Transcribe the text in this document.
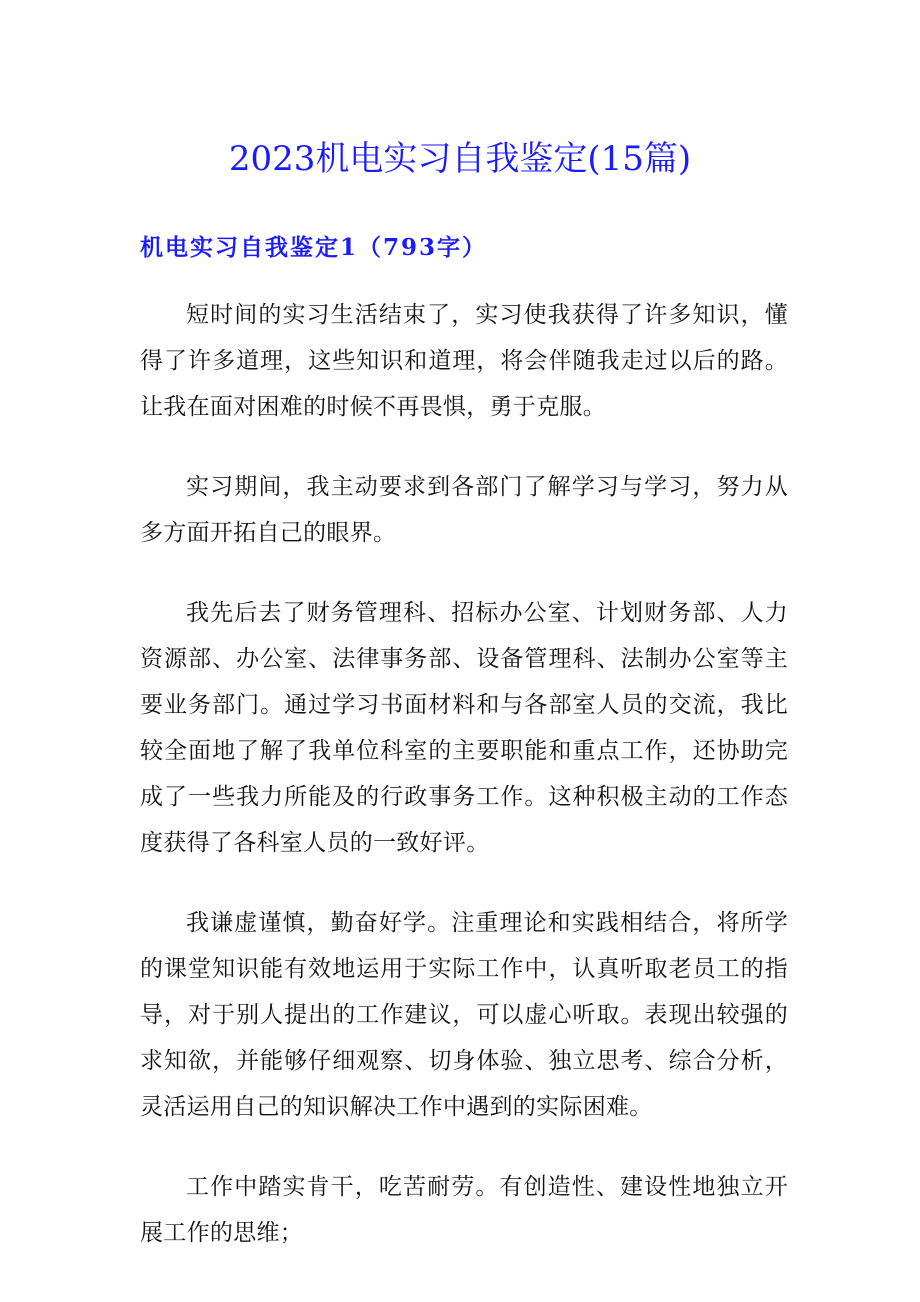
2023机电实习自我鉴定(15篇)
机电实习自我鉴定1（793字）

短时间的实习生活结束了，实习使我获得了许多知识，懂得了许多道理，这些知识和道理，将会伴随我走过以后的路。让我在面对困难的时候不再畏惧，勇于克服。

实习期间，我主动要求到各部门了解学习与学习，努力从多方面开拓自己的眼界。

我先后去了财务管理科、招标办公室、计划财务部、人力资源部、办公室、法律事务部、设备管理科、法制办公室等主要业务部门。通过学习书面材料和与各部室人员的交流，我比较全面地了解了我单位科室的主要职能和重点工作，还协助完成了一些我力所能及的行政事务工作。这种积极主动的工作态度获得了各科室人员的一致好评。

我谦虚谨慎，勤奋好学。注重理论和实践相结合，将所学的课堂知识能有效地运用于实际工作中，认真听取老员工的指导，对于别人提出的工作建议，可以虚心听取。表现出较强的求知欲，并能够仔细观察、切身体验、独立思考、综合分析，灵活运用自己的知识解决工作中遇到的实际困难。

工作中踏实肯干，吃苦耐劳。有创造性、建设性地独立开展工作的思维；
